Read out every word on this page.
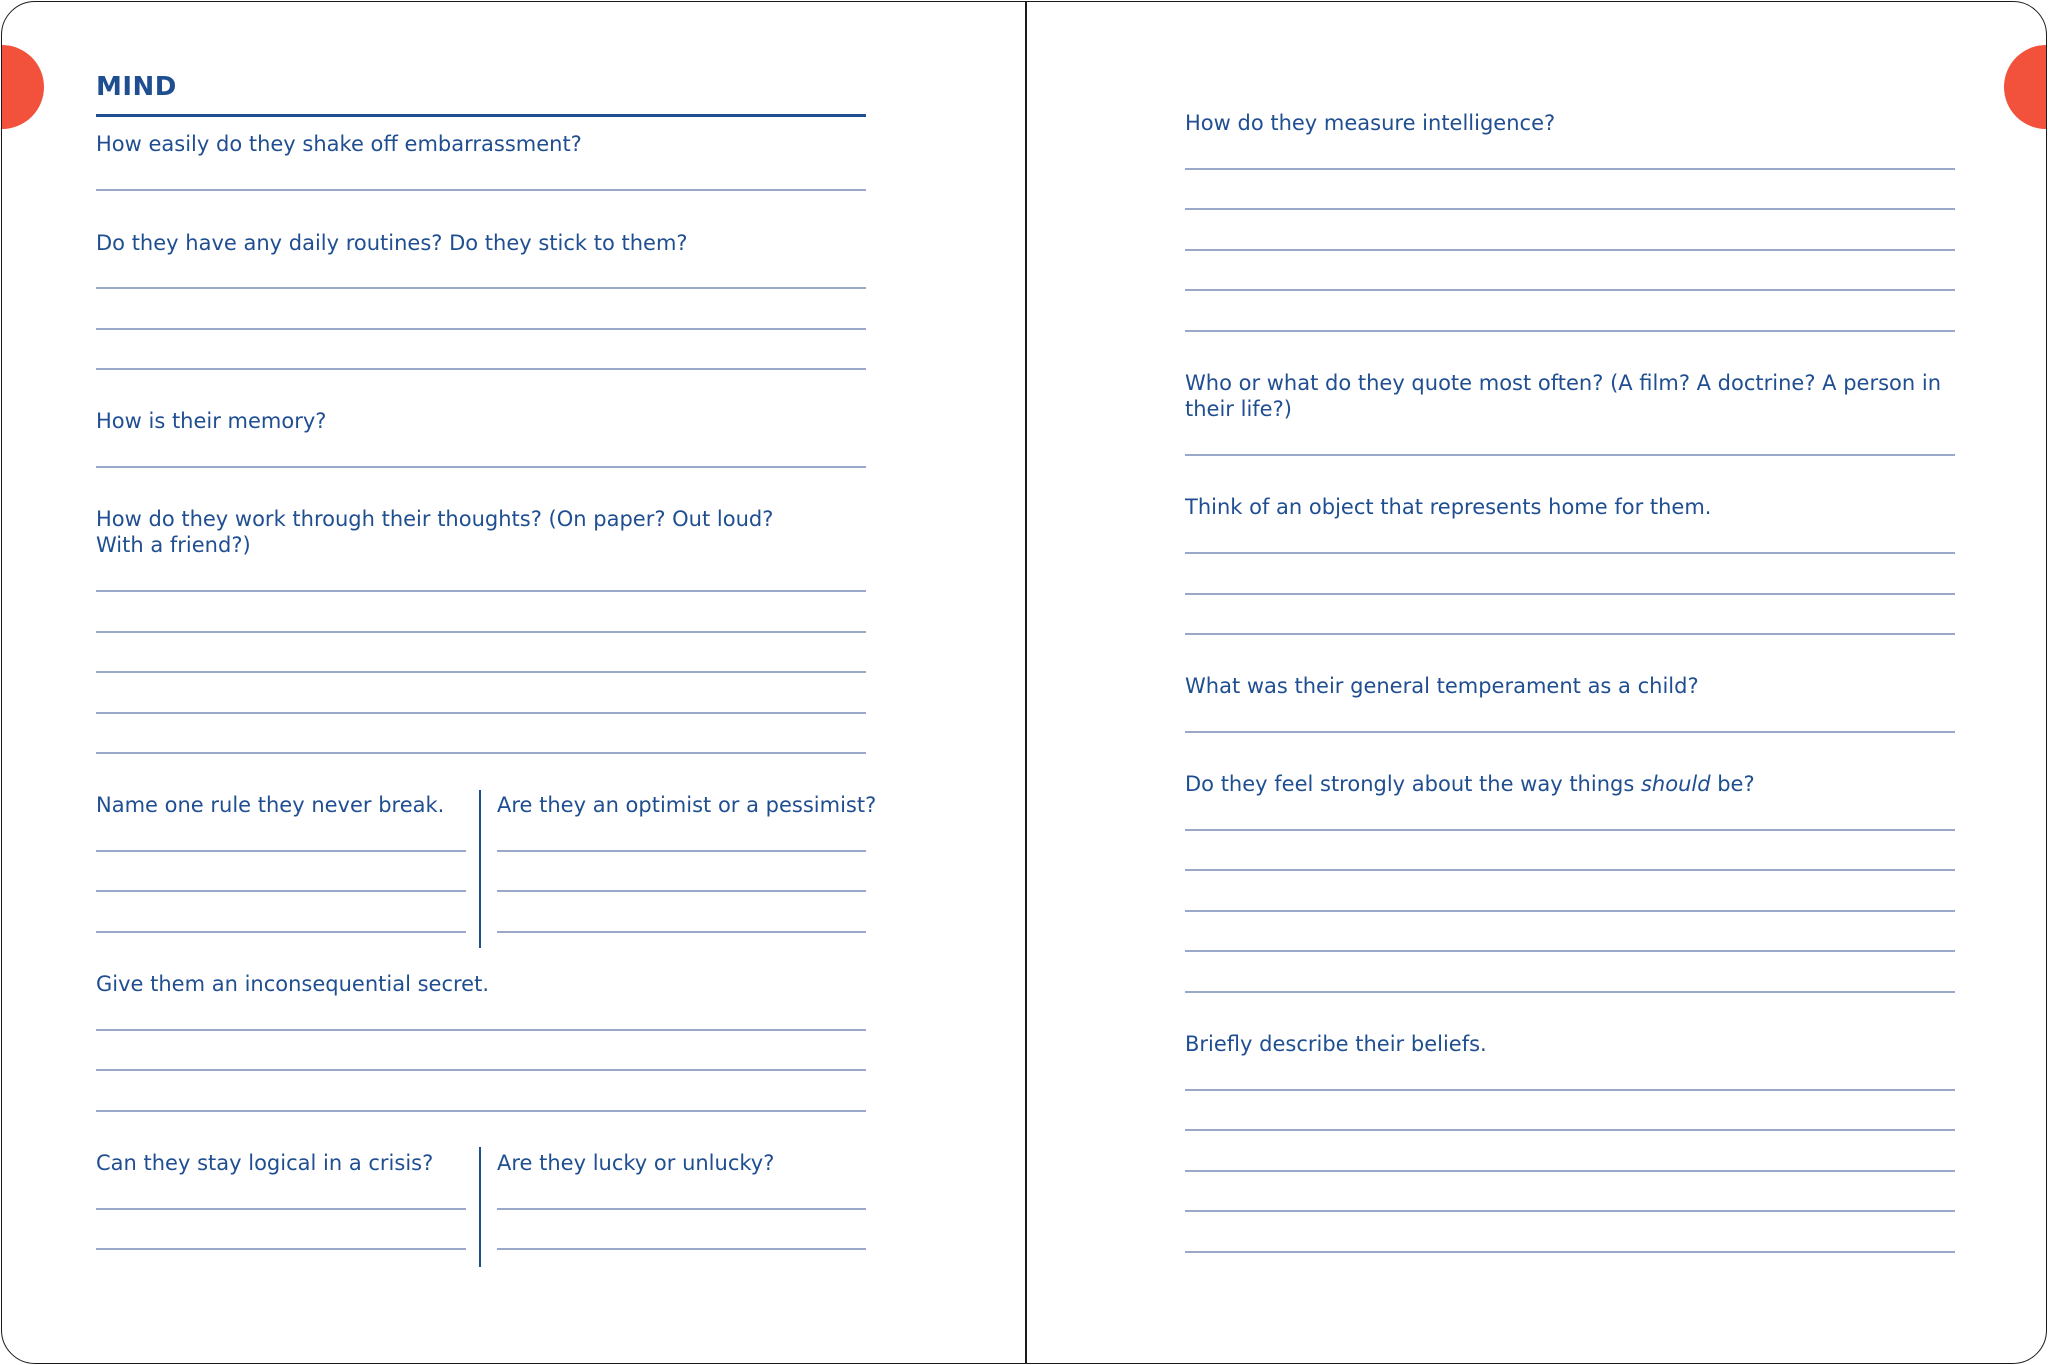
MIND
How easily do they shake off embarrassment?
Do they have any daily routines? Do they stick to them?
How is their memory?
How do they work through their thoughts? (On paper? Out loud? With a friend?)
Name one rule they never break.	Are they an optimist or a pessimist?
Give them an inconsequential secret.
Can they stay logical in a crisis?	Are they lucky or unlucky?
How do they measure intelligence?
Who or what do they quote most often? (A film? A doctrine? A person in their life?)
Think of an object that represents home for them.
What was their general temperament as a child?
Do they feel strongly about the way things should be?
Briefly describe their beliefs.
